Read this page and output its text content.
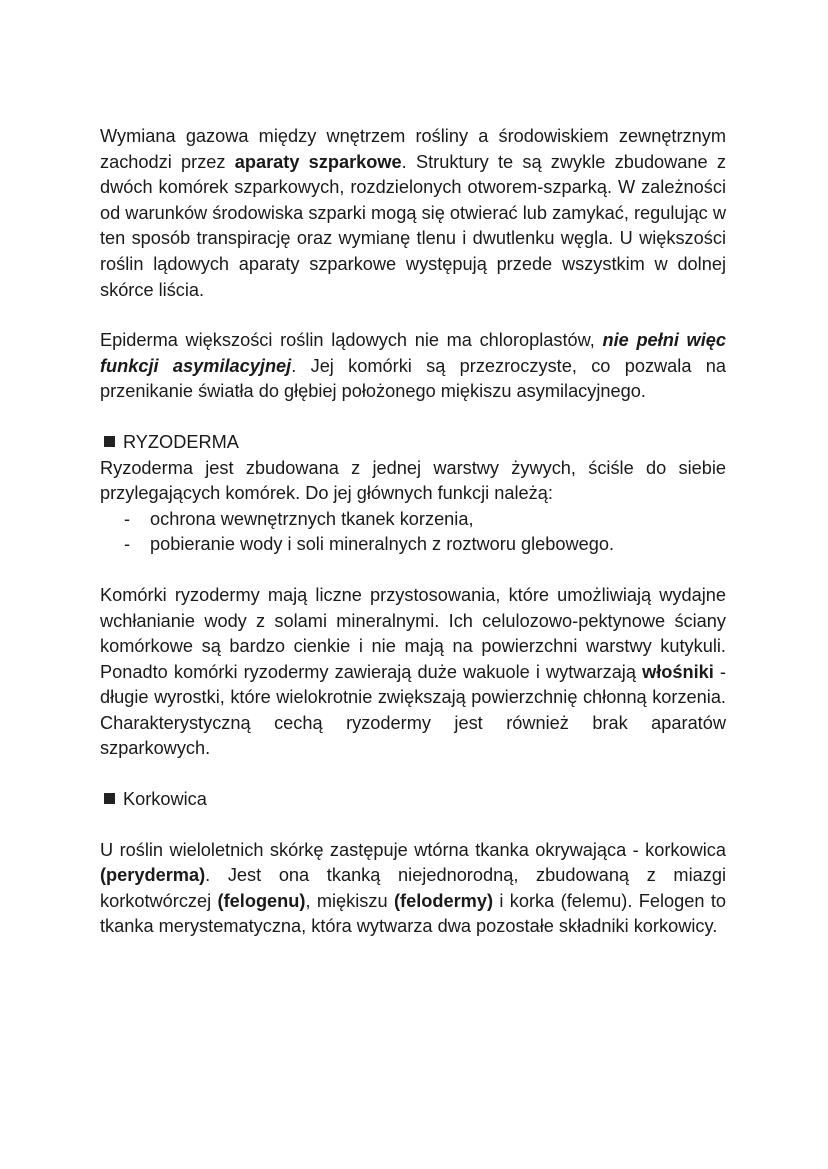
Wymiana gazowa między wnętrzem rośliny a środowiskiem zewnętrznym zachodzi przez aparaty szparkowe. Struktury te są zwykle zbudowane z dwóch komórek szparkowych, rozdzielonych otworem-szparką. W zależności od warunków środowiska szparki mogą się otwierać lub zamykać, regulując w ten sposób transpirację oraz wymianę tlenu i dwutlenku węgla. U większości roślin lądowych aparaty szparkowe występują przede wszystkim w dolnej skórce liścia.

Epiderma większości roślin lądowych nie ma chloroplastów, nie pełni więc funkcji asymilacyjnej. Jej komórki są przezroczyste, co pozwala na przenikanie światła do głębiej położonego miękiszu asymilacyjnego.

RYZODERMA

Ryzoderma jest zbudowana z jednej warstwy żywych, ściśle do siebie przylegających komórek. Do jej głównych funkcji należą:

- ochrona wewnętrznych tkanek korzenia,
- pobieranie wody i soli mineralnych z roztworu glebowego.

Komórki ryzodermy mają liczne przystosowania, które umożliwiają wydajne wchłanianie wody z solami mineralnymi. Ich celulozowo-pektynowe ściany komórkowe są bardzo cienkie i nie mają na powierzchni warstwy kutykuli. Ponadto komórki ryzodermy zawierają duże wakuole i wytwarzają włośniki - długie wyrostki, które wielokrotnie zwiększają powierzchnię chłonną korzenia. Charakterystyczną cechą ryzodermy jest również brak aparatów szparkowych.

Korkowica

U roślin wieloletnich skórkę zastępuje wtórna tkanka okrywająca - korkowica (peryderma). Jest ona tkanką niejednorodną, zbudowaną z miazgi korkotwórczej (felogenu), miękiszu (felodermy) i korka (felemu). Felogen to tkanka merystematyczna, która wytwarza dwa pozostałe składniki korkowicy.
